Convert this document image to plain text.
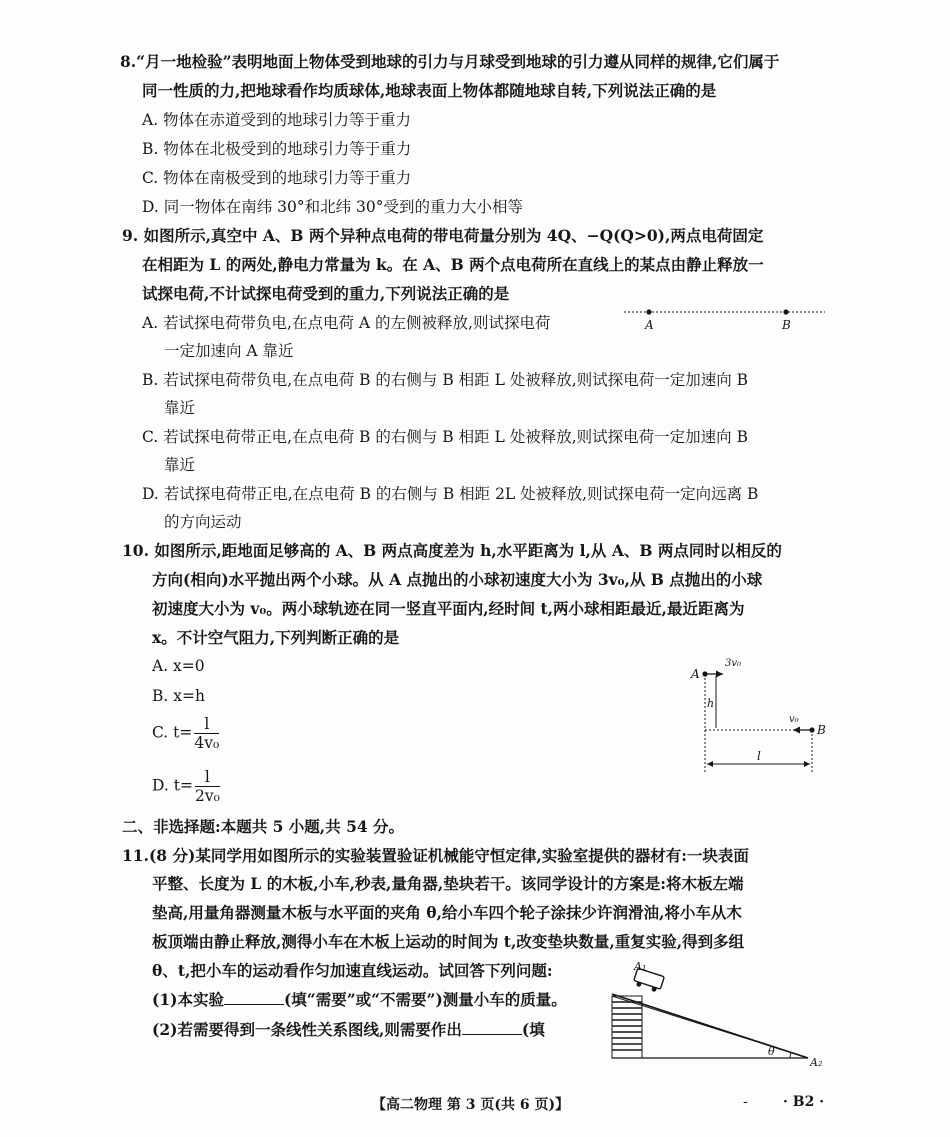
8.“月一地检验”表明地面上物体受到地球的引力与月球受到地球的引力遵从同样的规律,它们属于
同一性质的力,把地球看作均质球体,地球表面上物体都随地球自转,下列说法正确的是
A. 物体在赤道受到的地球引力等于重力
B. 物体在北极受到的地球引力等于重力
C. 物体在南极受到的地球引力等于重力
D. 同一物体在南纬 30°和北纬 30°受到的重力大小相等
9. 如图所示,真空中 A、B 两个异种点电荷的带电荷量分别为 4Q、−Q(Q>0),两点电荷固定
在相距为 L 的两处,静电力常量为 k。在 A、B 两个点电荷所在直线上的某点由静止释放一
试探电荷,不计试探电荷受到的重力,下列说法正确的是
A. 若试探电荷带负电,在点电荷 A 的左侧被释放,则试探电荷
一定加速向 A 靠近
B. 若试探电荷带负电,在点电荷 B 的右侧与 B 相距 L 处被释放,则试探电荷一定加速向 B
靠近
C. 若试探电荷带正电,在点电荷 B 的右侧与 B 相距 L 处被释放,则试探电荷一定加速向 B
靠近
D. 若试探电荷带正电,在点电荷 B 的右侧与 B 相距 2L 处被释放,则试探电荷一定向远离 B
的方向运动
A	B
10. 如图所示,距地面足够高的 A、B 两点高度差为 h,水平距离为 l,从 A、B 两点同时以相反的
方向(相向)水平抛出两个小球。从 A 点抛出的小球初速度大小为 3v₀,从 B 点抛出的小球
初速度大小为 v₀。两小球轨迹在同一竖直平面内,经时间 t,两小球相距最近,最近距离为
x。不计空气阻力,下列判断正确的是
A. x=0
B. x=h
C. $t= \frac{l}{\text{4v₀}}$
D. $t= \frac{l}{\text{2v₀}}$
A
3v₀
h
B
v₀
l
二、非选择题:本题共 5 小题,共 54 分。
11.(8 分)某同学用如图所示的实验装置验证机械能守恒定律,实验室提供的器材有:一块表面
平整、长度为 L 的木板,小车,秒表,量角器,垫块若干。该同学设计的方案是:将木板左端
垫高,用量角器测量木板与水平面的夹角 θ,给小车四个轮子涂抹少许润滑油,将小车从木
板顶端由静止释放,测得小车在木板上运动的时间为 t,改变垫块数量,重复实验,得到多组
θ、t,把小车的运动看作匀加速直线运动。试回答下列问题:
(1)本实验	(填“需要”或“不需要”)测量小车的质量。
(2)若需要得到一条线性关系图线,则需要作出	(填
θ
A₁
A₂
【高二物理 第 3 页(共 6 页)】	-	· B2 ·
